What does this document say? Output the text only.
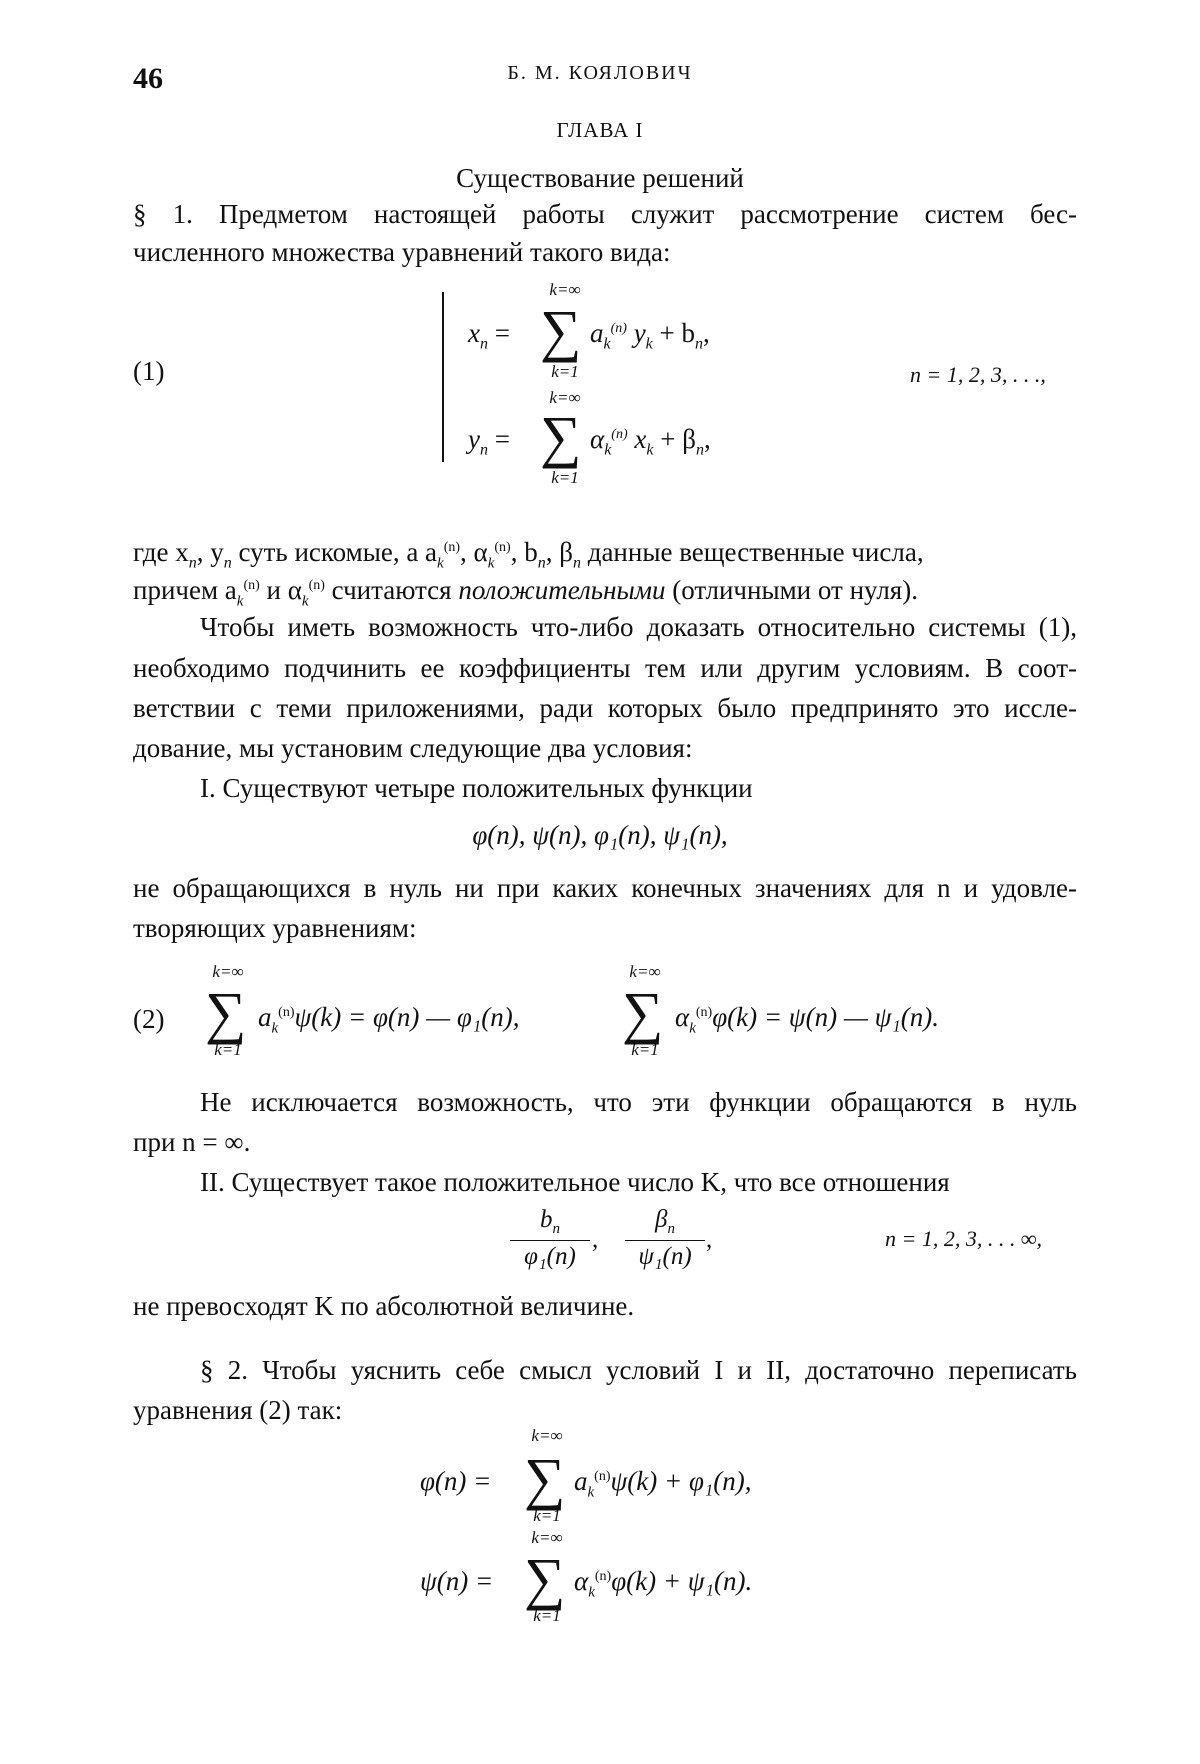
46	Б. М. КОЯЛОВИЧ
ГЛАВА I
Существование решений
§ 1. Предметом настоящей работы служит рассмотрение систем бес-
численного множества уравнений такого вида:
(1)
k=∞
$x_n$ = ∑ $a_k^{(n)}$ $y_k + b_n$,
k=1
k=∞
$y_n$ = ∑ $\alpha_k^{(n)}$ $x_k + \beta_n$,
k=1
n = 1, 2, 3, . . .,
где $x_n$, $y_n$ суть искомые, а $a_k^{(n)}$, $\alpha_k^{(n)}$, $b_n$, $\beta_n$ данные вещественные числа,
причем $a_k^{(n)}$ и $\alpha_k^{(n)}$ считаются положительными (отличными от нуля).
Чтобы иметь возможность что-либо доказать относительно системы (1),
необходимо подчинить ее коэффициенты тем или другим условиям. В соот-
ветствии с теми приложениями, ради которых было предпринято это иссле-
дование, мы установим следующие два условия:
I. Существуют четыре положительных функции
φ(n), ψ(n), φ₁(n), ψ₁(n),
не обращающихся в нуль ни при каких конечных значениях для n и удовле-
творяющих уравнениям:
(2)
k=∞
∑
k=1
$a_k^{(n)}\psi(k) = \varphi(n)$ — φ₁(n),
k=∞
∑
k=1
$\alpha_k^{(n)}\varphi(k) = \psi(n)$ — ψ₁(n).
Не исключается возможность, что эти функции обращаются в нуль
при n = ∞.
II. Существует такое положительное число K, что все отношения
$b_n$
φ₁(n)
,
$\beta_n$
ψ₁(n)
,	n = 1, 2, 3, . . . ∞,
не превосходят K по абсолютной величине.
§ 2. Чтобы уяснить себе смысл условий I и II, достаточно переписать
уравнения (2) так:
k=∞
φ(n) = ∑ $a_k^{(n)}\psi(k) + \varphi_1(n)$,
k=1
k=∞
ψ(n) = ∑ $\alpha_k^{(n)}\varphi(k) + \psi_1(n)$.
k=1
